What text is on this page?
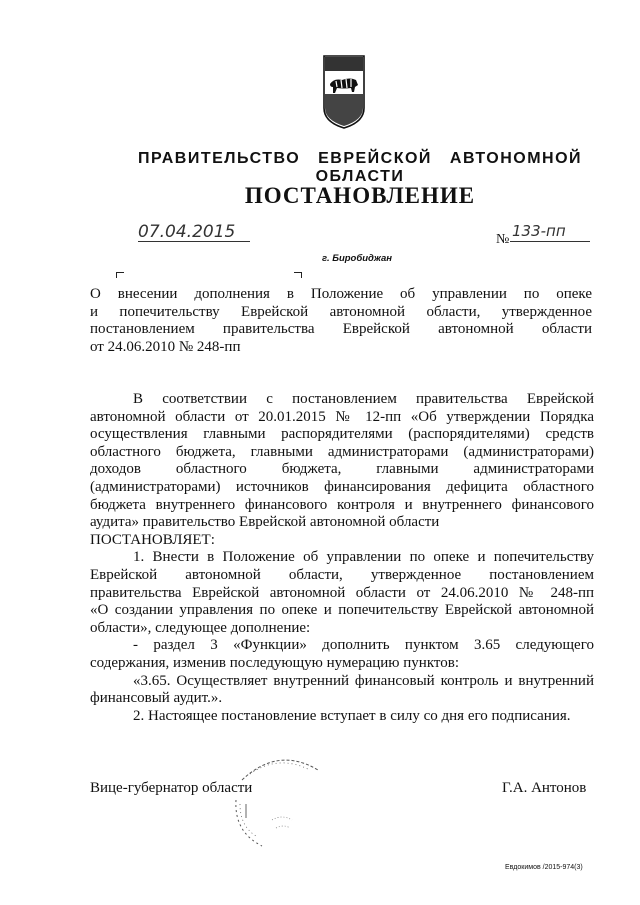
ПРАВИТЕЛЬСТВО ЕВРЕЙСКОЙ АВТОНОМНОЙ ОБЛАСТИ
ПОСТАНОВЛЕНИЕ
07.04.2015	№ 133-пп
г. Биробиджан
О внесении дополнения в Положение об управлении по опеке
и попечительству Еврейской автономной области, утвержденное
постановлением правительства Еврейской автономной области
от 24.06.2010 № 248-пп
В соответствии с постановлением правительства Еврейской
автономной области от 20.01.2015 № 12-пп «Об утверждении Порядка
осуществления главными распорядителями (распорядителями) средств
областного бюджета, главными администраторами (администраторами)
доходов областного бюджета, главными администраторами
(администраторами) источников финансирования дефицита областного
бюджета внутреннего финансового контроля и внутреннего финансового
аудита» правительство Еврейской автономной области
ПОСТАНОВЛЯЕТ:
1. Внести в Положение об управлении по опеке и попечительству
Еврейской автономной области, утвержденное постановлением
правительства Еврейской автономной области от 24.06.2010 № 248-пп
«О создании управления по опеке и попечительству Еврейской автономной
области», следующее дополнение:
- раздел 3 «Функции» дополнить пунктом 3.65 следующего
содержания, изменив последующую нумерацию пунктов:
«3.65. Осуществляет внутренний финансовый контроль и внутренний
финансовый аудит.».
2. Настоящее постановление вступает в силу со дня его подписания.
Вице-губернатор области	Г.А. Антонов
Евдокимов /2015-974(3)
